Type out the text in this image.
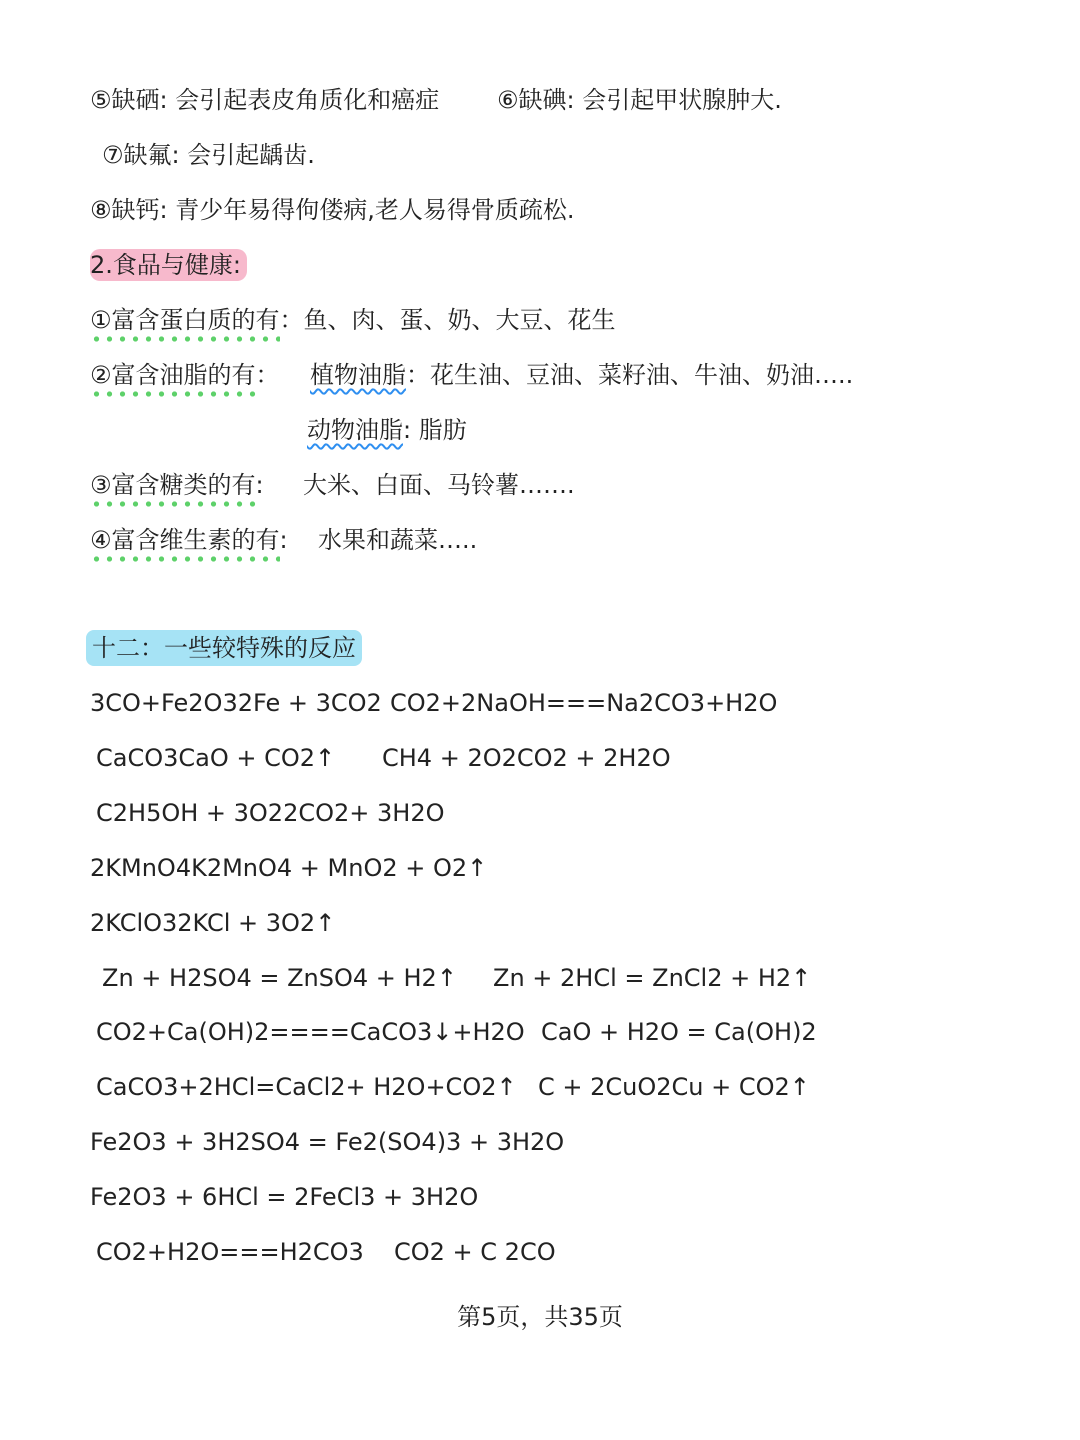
⑤缺硒: 会引起表皮角质化和癌症 ⑥缺碘: 会引起甲状腺肿大.
⑦缺氟: 会引起龋齿.
⑧缺钙: 青少年易得佝偻病,老人易得骨质疏松.
2.食品与健康:
①富含蛋白质的有：鱼、肉、蛋、奶、大豆、花生
②富含油脂的有： 植物油脂：花生油、豆油、菜籽油、牛油、奶油…..
动物油脂: 脂肪
③富含糖类的有: 大米、白面、马铃薯…….
④富含维生素的有: 水果和蔬菜…..
十二：一些较特殊的反应
3CO+Fe2O32Fe + 3CO2 CO2+2NaOH===Na2CO3+H2O
CaCO3CaO + CO2↑ CH4 + 2O2CO2 + 2H2O
C2H5OH + 3O22CO2+ 3H2O
2KMnO4K2MnO4 + MnO2 + O2↑
2KClO32KCl + 3O2↑
Zn + H2SO4 = ZnSO4 + H2↑ Zn + 2HCl = ZnCl2 + H2↑
CO2+Ca(OH)2====CaCO3↓+H2O CaO + H2O = Ca(OH)2
CaCO3+2HCl=CaCl2+ H2O+CO2↑ C + 2CuO2Cu + CO2↑
Fe2O3 + 3H2SO4 = Fe2(SO4)3 + 3H2O
Fe2O3 + 6HCl = 2FeCl3 + 3H2O
CO2+H2O===H2CO3 CO2 + C 2CO
第5页，共35页
